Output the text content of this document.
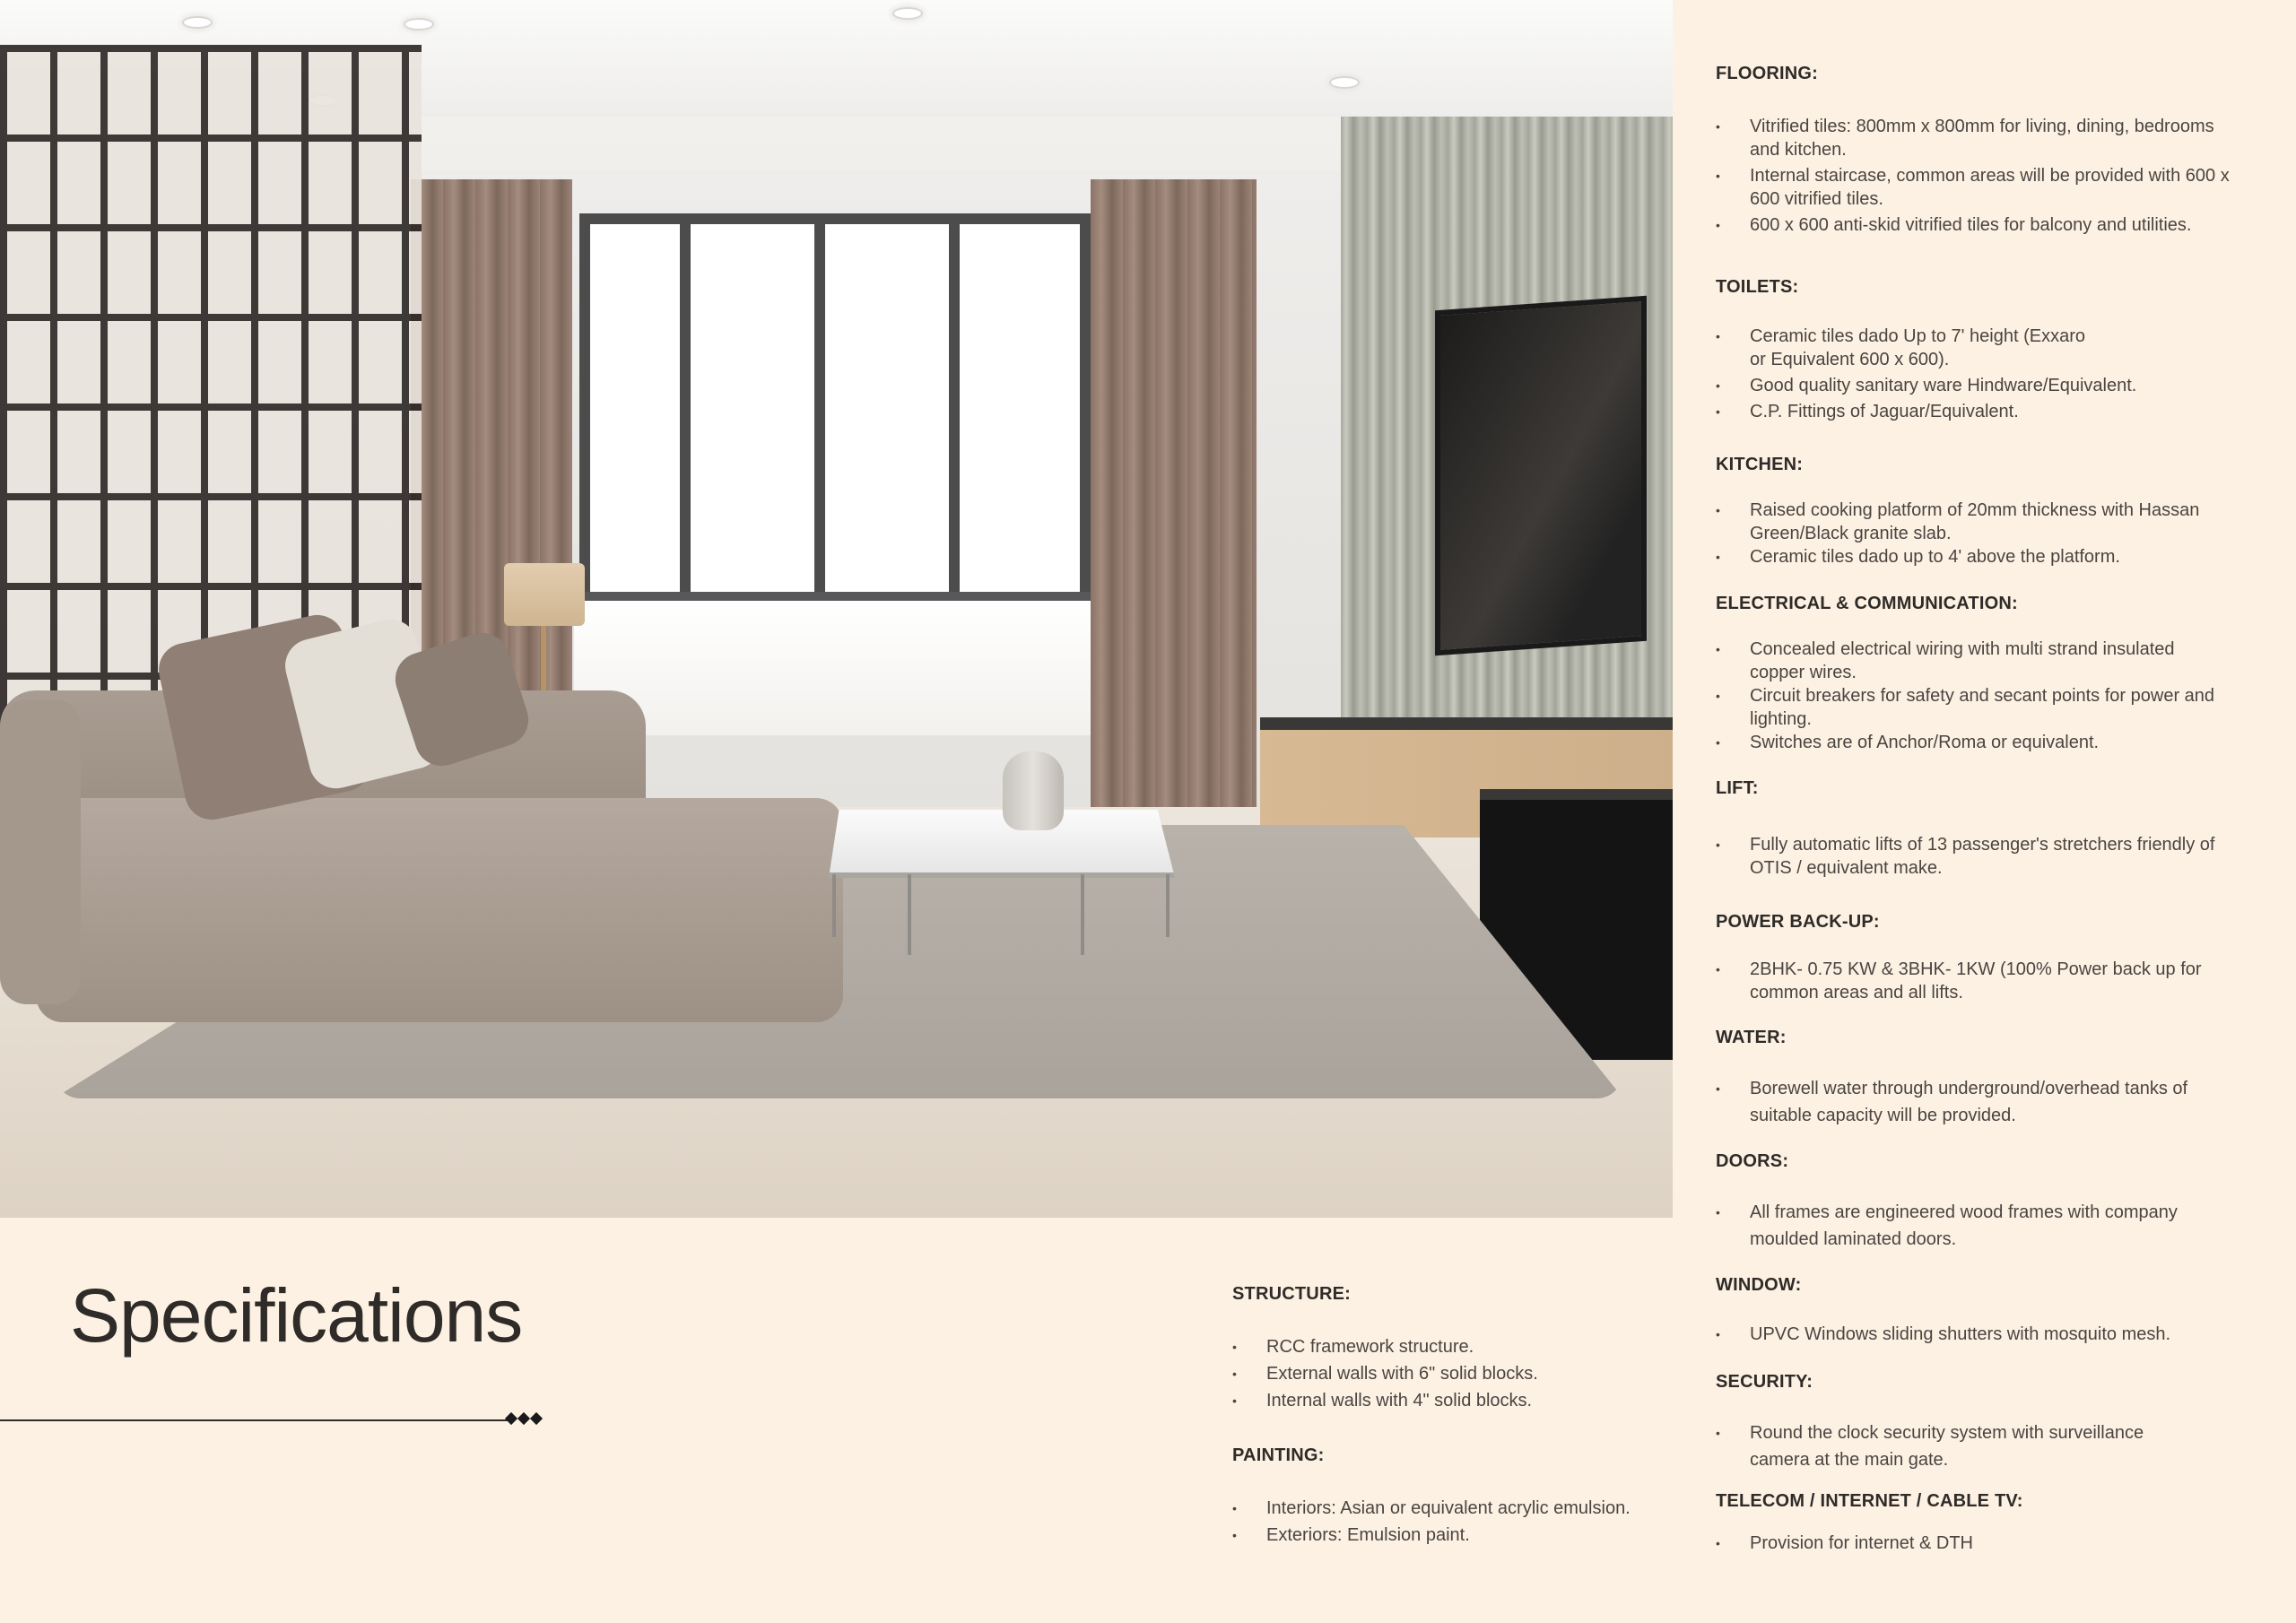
Specifications
FLOORING:
• Vitrified tiles: 800mm x 800mm for living, dining, bedrooms and kitchen.
• Internal staircase, common areas will be provided with 600 x 600 vitrified tiles.
• 600 x 600 anti-skid vitrified tiles for balcony and utilities.
TOILETS:
• Ceramic tiles dado Up to 7' height (Exxaro or Equivalent 600 x 600).
• Good quality sanitary ware Hindware/Equivalent.
• C.P. Fittings of Jaguar/Equivalent.
KITCHEN:
• Raised cooking platform of 20mm thickness with Hassan Green/Black granite slab.
• Ceramic tiles dado up to 4' above the platform.
ELECTRICAL & COMMUNICATION:
• Concealed electrical wiring with multi strand insulated copper wires.
• Circuit breakers for safety and secant points for power and lighting.
• Switches are of Anchor/Roma or equivalent.
LIFT:
• Fully automatic lifts of 13 passenger's stretchers friendly of OTIS / equivalent make.
POWER BACK-UP:
• 2BHK- 0.75 KW & 3BHK- 1KW (100% Power back up for common areas and all lifts.
WATER:
• Borewell water through underground/overhead tanks of suitable capacity will be provided.
DOORS:
• All frames are engineered wood frames with company moulded laminated doors.
WINDOW:
• UPVC Windows sliding shutters with mosquito mesh.
SECURITY:
• Round the clock security system with surveillance camera at the main gate.
TELECOM / INTERNET / CABLE TV:
• Provision for internet & DTH
STRUCTURE:
• RCC framework structure.
• External walls with 6" solid blocks.
• Internal walls with 4" solid blocks.
PAINTING:
• Interiors: Asian or equivalent acrylic emulsion.
• Exteriors: Emulsion paint.
